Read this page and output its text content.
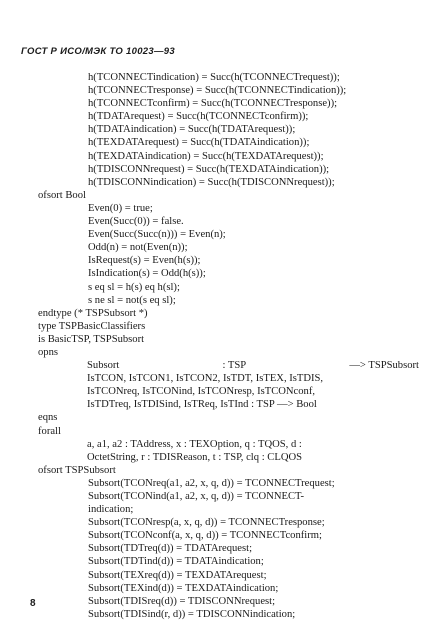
ГОСТ Р ИСО/МЭК ТО 10023—93
h(TCONNECTindication) = Succ(h(TCONNECTrequest));
h(TCONNECTresponse) = Succ(h(TCONNECTindication));
h(TCONNECTconfirm) = Succ(h(TCONNECTresponse));
h(TDATArequest) = Succ(h(TCONNECTconfirm));
h(TDATAindication) = Succ(h(TDATArequest));
h(TEXDATArequest) = Succ(h(TDATAindication));
h(TEXDATAindication) = Succ(h(TEXDATArequest));
h(TDISCONNrequest) = Succ(h(TEXDATAindication));
h(TDISCONNindication) = Succ(h(TDISCONNrequest));
ofsort Bool
Even(0) = true;
Even(Succ(0)) = false.
Even(Succ(Succ(n))) = Even(n);
Odd(n) = not(Even(n));
IsRequest(s) = Even(h(s));
IsIndication(s) = Odd(h(s));
s eq sl = h(s) eq h(sl);
s ne sl = not(s eq sl);
endtype (* TSPSubsort *)
type TSPBasicClassifiers
is BasicTSP, TSPSubsort
opns
Subsort	: TSP	—> TSPSubsort
IsTCON, IsTCON1, IsTCON2, IsTDT, IsTEX, IsTDIS,
IsTCONreq, IsTCONind, IsTCONresp, IsTCONconf,
IsTDTreq, IsTDISind, IsTReq, IsTInd : TSP —> Bool
eqns
forall
a, a1, a2 : TAddress, x : TEXOption, q : TQOS, d :
OctetString, r : TDISReason, t : TSP, clq : CLQOS
ofsort TSPSubsort
Subsort(TCONreq(a1, a2, x, q, d)) = TCONNECTrequest;
Subsort(TCONind(a1, a2, x, q, d)) = TCONNECT-
indication;
Subsort(TCONresp(a, x, q, d)) = TCONNECTresponse;
Subsort(TCONconf(a, x, q, d)) = TCONNECTconfirm;
Subsort(TDTreq(d)) = TDATArequest;
Subsort(TDTind(d)) = TDATAindication;
Subsort(TEXreq(d)) = TEXDATArequest;
Subsort(TEXind(d)) = TEXDATAindication;
Subsort(TDISreq(d)) = TDISCONNrequest;
Subsort(TDISind(r, d)) = TDISCONNindication;
8
